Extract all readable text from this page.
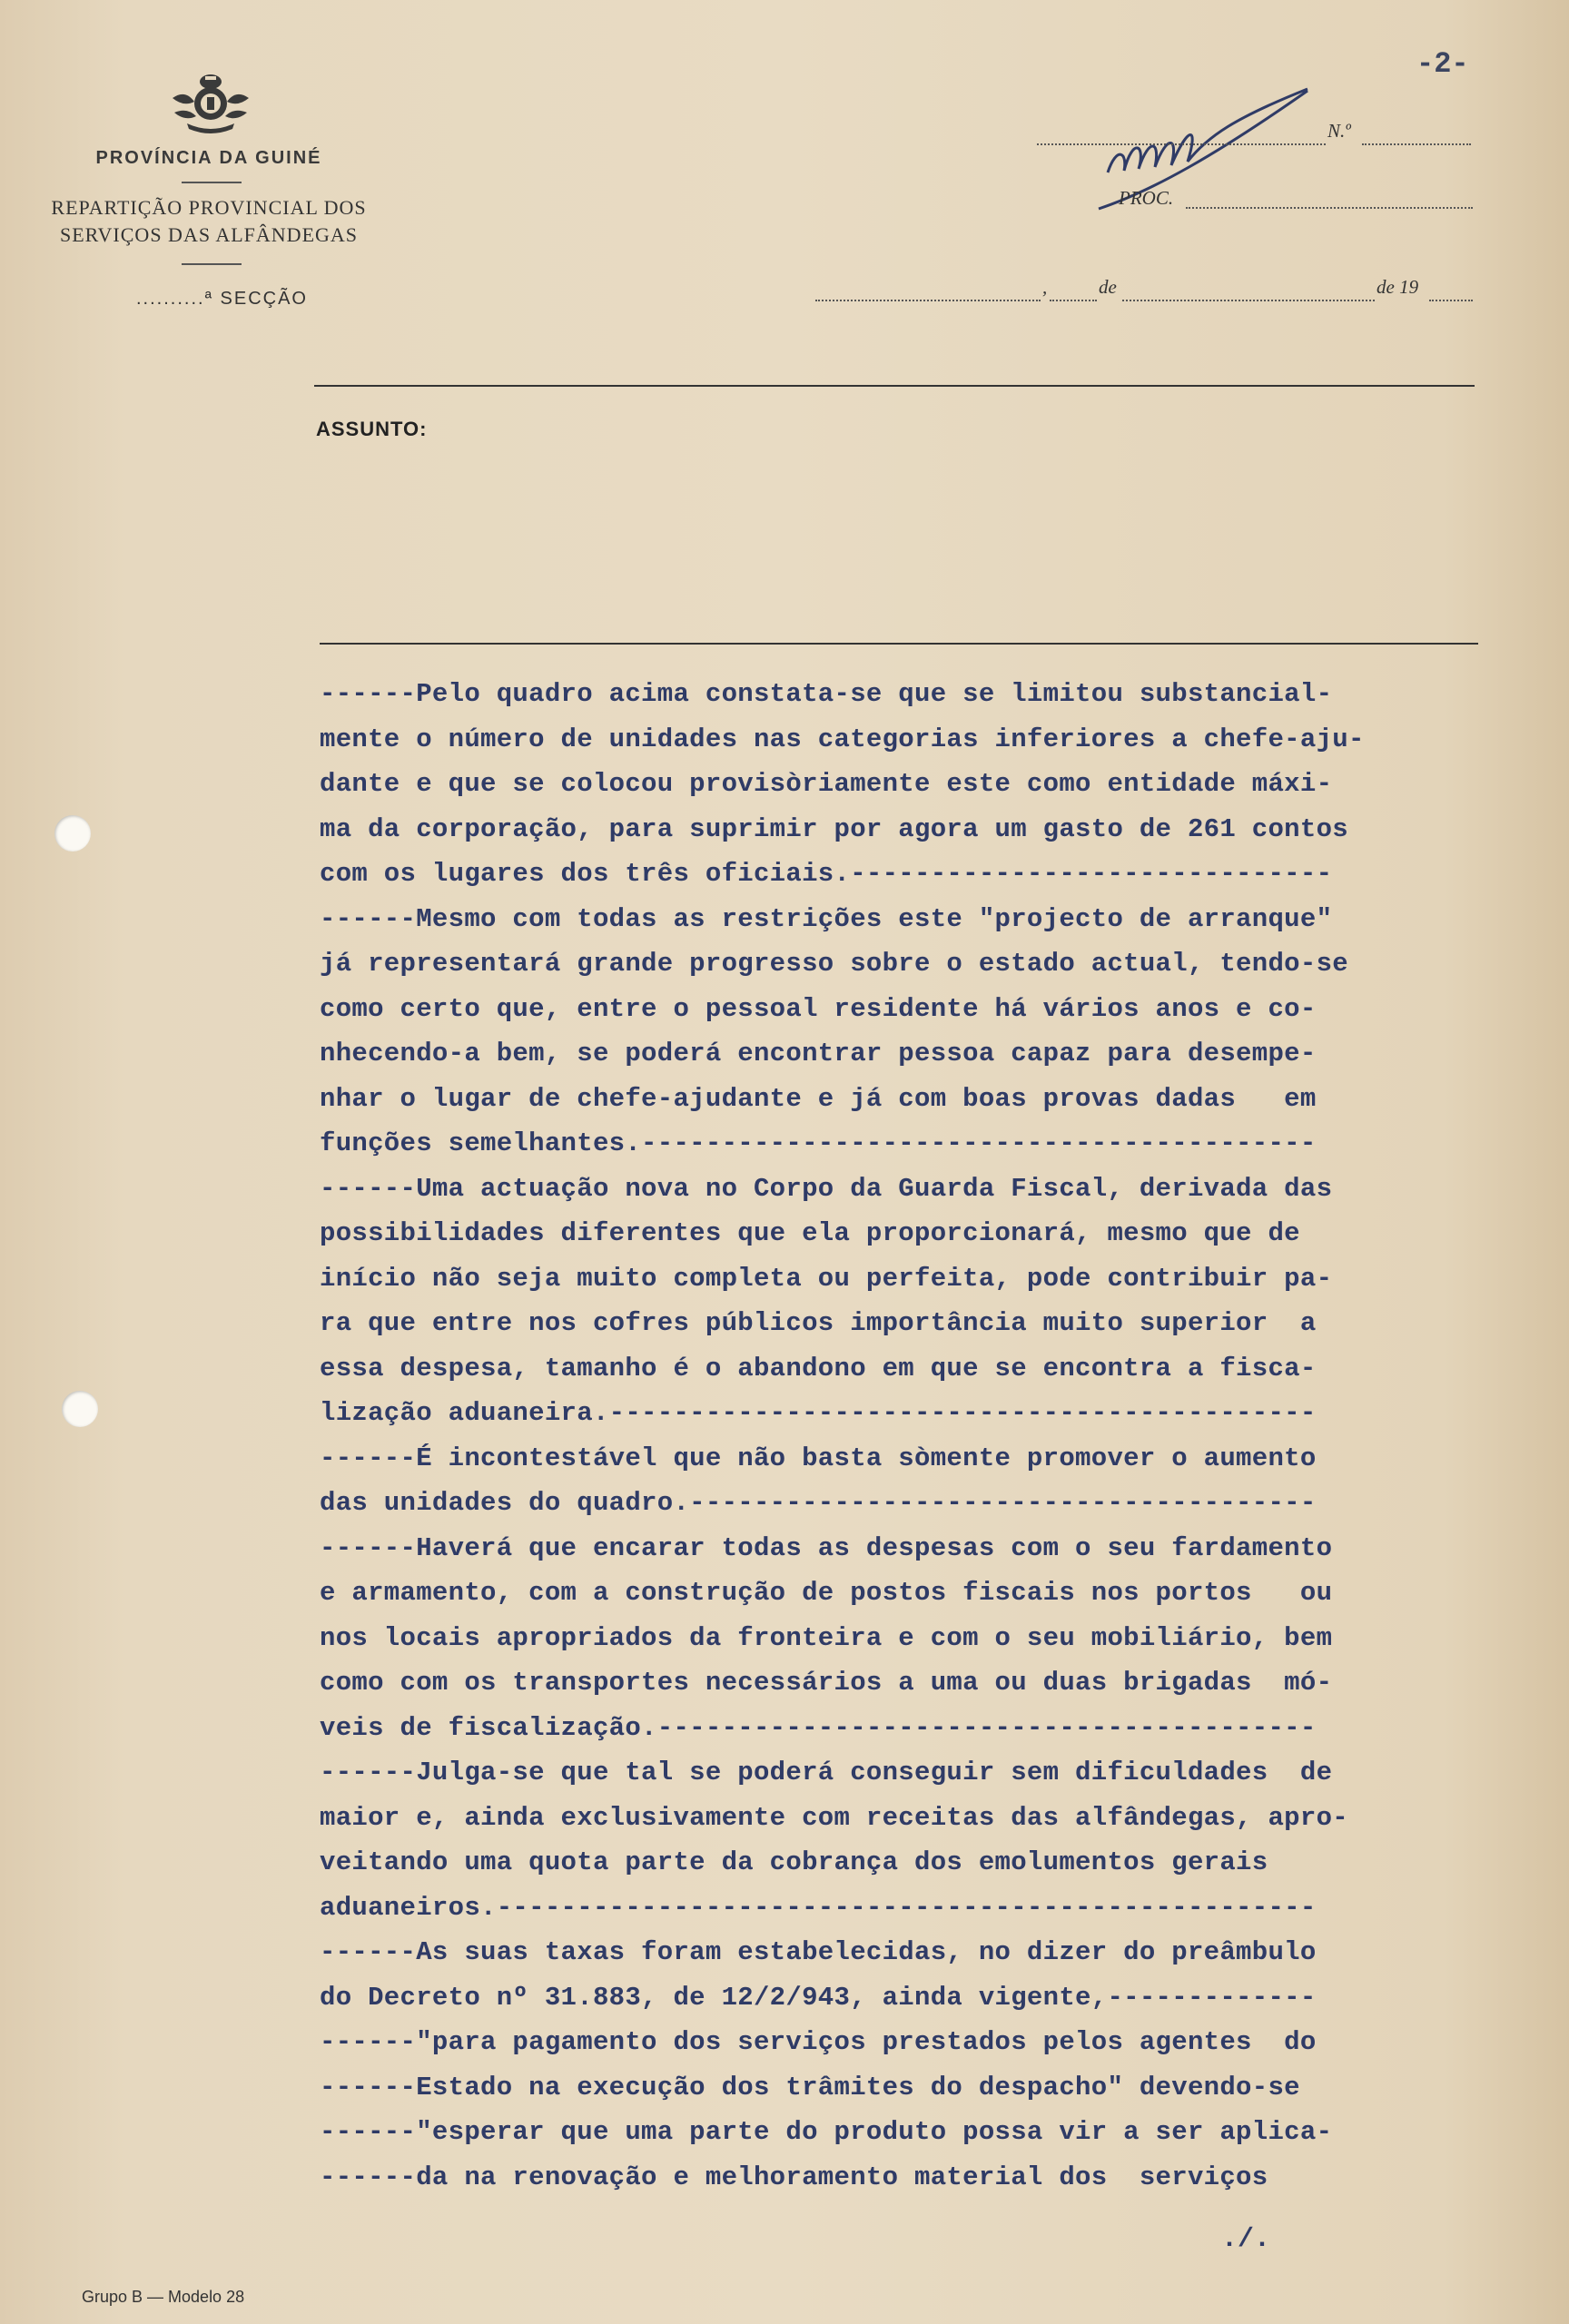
PROVÍNCIA DA GUINÉ
REPARTIÇÃO PROVINCIAL DOS
SERVIÇOS DAS ALFÂNDEGAS
..........ª SECÇÃO
-2-
N.º
PROC.
,	de	de 19
ASSUNTO:
------Pelo quadro acima constata-se que se limitou substancial-
mente o número de unidades nas categorias inferiores a chefe-aju-
dante e que se colocou provisòriamente este como entidade máxi-
ma da corporação, para suprimir por agora um gasto de 261 contos
com os lugares dos três oficiais.------------------------------
------Mesmo com todas as restrições este "projecto de arranque"
já representará grande progresso sobre o estado actual, tendo-se
como certo que, entre o pessoal residente há vários anos e co-
nhecendo-a bem, se poderá encontrar pessoa capaz para desempe-
nhar o lugar de chefe-ajudante e já com boas provas dadas   em
funções semelhantes.------------------------------------------
------Uma actuação nova no Corpo da Guarda Fiscal, derivada das
possibilidades diferentes que ela proporcionará, mesmo que de
início não seja muito completa ou perfeita, pode contribuir pa-
ra que entre nos cofres públicos importância muito superior  a
essa despesa, tamanho é o abandono em que se encontra a fisca-
lização aduaneira.--------------------------------------------
------É incontestável que não basta sòmente promover o aumento
das unidades do quadro.---------------------------------------
------Haverá que encarar todas as despesas com o seu fardamento
e armamento, com a construção de postos fiscais nos portos   ou
nos locais apropriados da fronteira e com o seu mobiliário, bem
como com os transportes necessários a uma ou duas brigadas  mó-
veis de fiscalização.-----------------------------------------
------Julga-se que tal se poderá conseguir sem dificuldades  de
maior e, ainda exclusivamente com receitas das alfândegas, apro-
veitando uma quota parte da cobrança dos emolumentos gerais
aduaneiros.---------------------------------------------------
------As suas taxas foram estabelecidas, no dizer do preâmbulo
do Decreto nº 31.883, de 12/2/943, ainda vigente,-------------
------"para pagamento dos serviços prestados pelos agentes  do
------Estado na execução dos trâmites do despacho" devendo-se
------"esperar que uma parte do produto possa vir a ser aplica-
------da na renovação e melhoramento material dos  serviços
./.
Grupo B — Modelo 28
